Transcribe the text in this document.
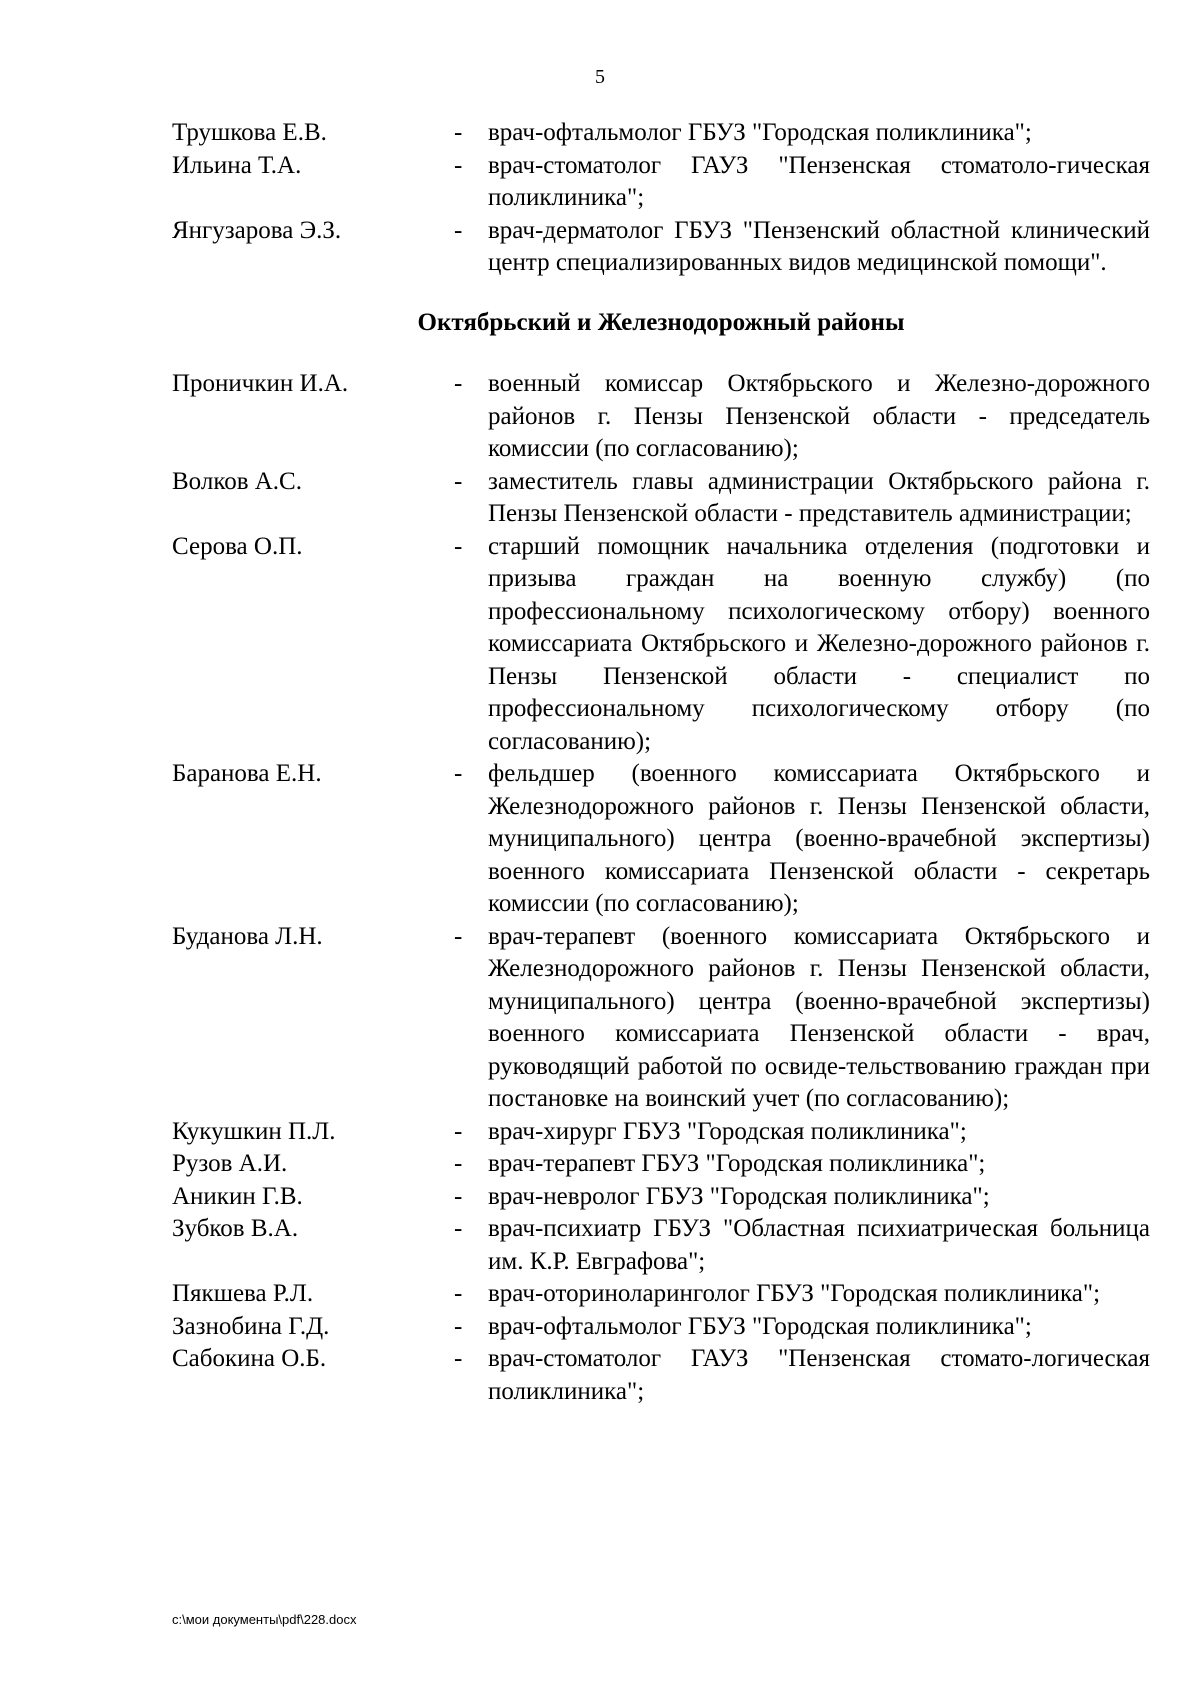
5
Трушкова Е.В.	-	врач-офтальмолог ГБУЗ "Городская поликлиника";
Ильина Т.А.	-	врач-стоматолог ГАУЗ "Пензенская стоматоло-гическая поликлиника";
Янгузарова Э.З.	-	врач-дерматолог ГБУЗ "Пензенский областной клинический центр специализированных видов медицинской помощи".
Октябрьский и Железнодорожный районы
Проничкин И.А.	-	военный комиссар Октябрьского и Железно-дорожного районов г. Пензы Пензенской области - председатель комиссии (по согласованию);
Волков А.С.	-	заместитель главы администрации Октябрьского района г. Пензы Пензенской области - представитель администрации;
Серова О.П.	-	старший помощник начальника отделения (подготовки и призыва граждан на военную службу) (по профессиональному психологическому отбору) военного комиссариата Октябрьского и Железно-дорожного районов г. Пензы Пензенской области - специалист по профессиональному психологическому отбору (по согласованию);
Баранова Е.Н.	-	фельдшер (военного комиссариата Октябрьского и Железнодорожного районов г. Пензы Пензенской области, муниципального) центра (военно-врачебной экспертизы) военного комиссариата Пензенской области - секретарь комиссии (по согласованию);
Буданова Л.Н.	-	врач-терапевт (военного комиссариата Октябрьского и Железнодорожного районов г. Пензы Пензенской области, муниципального) центра (военно-врачебной экспертизы) военного комиссариата Пензенской области - врач, руководящий работой по освиде-тельствованию граждан при постановке на воинский учет (по согласованию);
Кукушкин П.Л.	-	врач-хирург ГБУЗ "Городская поликлиника";
Рузов А.И.	-	врач-терапевт ГБУЗ "Городская поликлиника";
Аникин Г.В.	-	врач-невролог ГБУЗ "Городская поликлиника";
Зубков В.А.	-	врач-психиатр ГБУЗ "Областная психиатрическая больница им. К.Р. Евграфова";
Пякшева Р.Л.	-	врач-оториноларинголог ГБУЗ "Городская поликлиника";
Зазнобина Г.Д.	-	врач-офтальмолог ГБУЗ "Городская поликлиника";
Сабокина О.Б.	-	врач-стоматолог ГАУЗ "Пензенская стомато-логическая поликлиника";
c:\мои документы\pdf\228.docx
